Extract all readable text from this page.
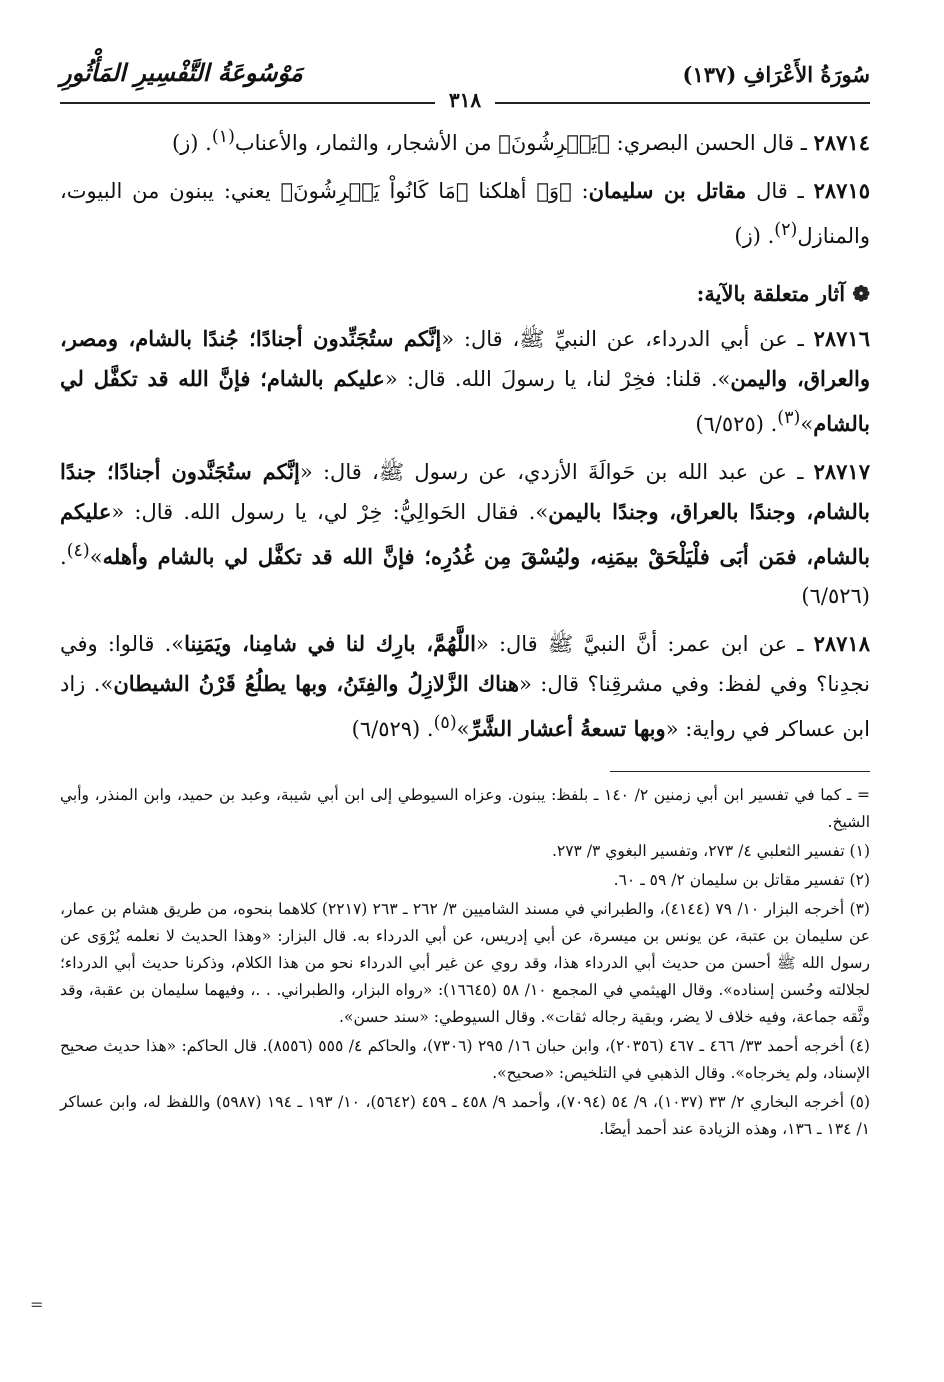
سُورَةُ الأَعْرَافِ (١٣٧)
مَوْسُوعَةُ التَّفْسِيرِ المَأْثُورِ
٣١٨

٢٨٧١٤ ـ قال الحسن البصري: ﴿يَعۡرِشُونَ﴾ من الأشجار، والثمار، والأعناب$^{(١)}$. (ز)

٢٨٧١٥ ـ قال مقاتل بن سليمان: ﴿وَ﴾ أهلكنا ﴿مَا كَانُواْ يَعۡرِشُونَ﴾ يعني: يبنون من البيوت، والمنازل$^{(٢)}$. (ز)

❁ آثار متعلقة بالآية:

٢٨٧١٦ ـ عن أبي الدرداء، عن النبيِّ ﷺ، قال: «إنَّكم ستُجَنِّدون أجنادًا؛ جُندًا بالشام، ومصر، والعراق، واليمن». قلنا: فخِرْ لنا، يا رسولَ الله. قال: «عليكم بالشام؛ فإنَّ الله قد تكفَّل لي بالشام»$^{(٣)}$. (٦/٥٢٥)

٢٨٧١٧ ـ عن عبد الله بن حَوالَةَ الأزدي، عن رسول ﷺ، قال: «إنَّكم ستُجَنَّدون أجنادًا؛ جندًا بالشام، وجندًا بالعراق، وجندًا باليمن». فقال الحَوالِيُّ: خِرْ لي، يا رسول الله. قال: «عليكم بالشام، فمَن أبَى فلْيَلْحَقْ بيمَنِه، وليُسْقَ مِن غُدُرِه؛ فإنَّ الله قد تكفَّل لي بالشام وأهله»$^{(٤)}$. (٦/٥٢٦)

٢٨٧١٨ ـ عن ابن عمر: أنَّ النبيَّ ﷺ قال: «اللَّهُمَّ، بارِك لنا في شامِنا، ويَمَنِنا». قالوا: وفي نجدِنا؟ وفي لفظ: وفي مشرقِنا؟ قال: «هناك الزَّلازِلُ والفِتَنُ، وبها يطلُعُ قَرْنُ الشيطان». زاد ابن عساكر في رواية: «وبها تسعةُ أعشار الشَّرِّ»$^{(٥)}$. (٦/٥٢٩)

= ـ كما في تفسير ابن أبي زمنين ٢/ ١٤٠ ـ بلفظ: يبنون. وعزاه السيوطي إلى ابن أبي شيبة، وعبد بن حميد، وابن المنذر، وأبي الشيخ.

(١) تفسير الثعلبي ٤/ ٢٧٣، وتفسير البغوي ٣/ ٢٧٣.

(٢) تفسير مقاتل بن سليمان ٢/ ٥٩ ـ ٦٠.

(٣) أخرجه البزار ١٠/ ٧٩ (٤١٤٤)، والطبراني في مسند الشاميين ٣/ ٢٦٢ ـ ٢٦٣ (٢٢١٧) كلاهما بنحوه، من طريق هشام بن عمار، عن سليمان بن عتبة، عن يونس بن ميسرة، عن أبي إدريس، عن أبي الدرداء به. قال البزار: «وهذا الحديث لا نعلمه يُرْوَى عن رسول الله ﷺ أحسن من حديث أبي الدرداء هذا، وقد روي عن غير أبي الدرداء نحو من هذا الكلام، وذكرنا حديث أبي الدرداء؛ لجلالته وحُسن إسناده». وقال الهيثمي في المجمع ١٠/ ٥٨ (١٦٦٤٥): «رواه البزار، والطبراني. . .، وفيهما سليمان بن عقبة، وقد وثَّقه جماعة، وفيه خلاف لا يضر، وبقية رجاله ثقات». وقال السيوطي: «سند حسن».

(٤) أخرجه أحمد ٣٣/ ٤٦٦ ـ ٤٦٧ (٢٠٣٥٦)، وابن حبان ١٦/ ٢٩٥ (٧٣٠٦)، والحاكم ٤/ ٥٥٥ (٨٥٥٦). قال الحاكم: «هذا حديث صحيح الإسناد، ولم يخرجاه». وقال الذهبي في التلخيص: «صحيح».

(٥) أخرجه البخاري ٢/ ٣٣ (١٠٣٧)، ٩/ ٥٤ (٧٠٩٤)، وأحمد ٩/ ٤٥٨ ـ ٤٥٩ (٥٦٤٢)، ١٠/ ١٩٣ ـ ١٩٤ (٥٩٨٧) واللفظ له، وابن عساكر ١/ ١٣٤ ـ ١٣٦، وهذه الزيادة عند أحمد أيضًا.

=
